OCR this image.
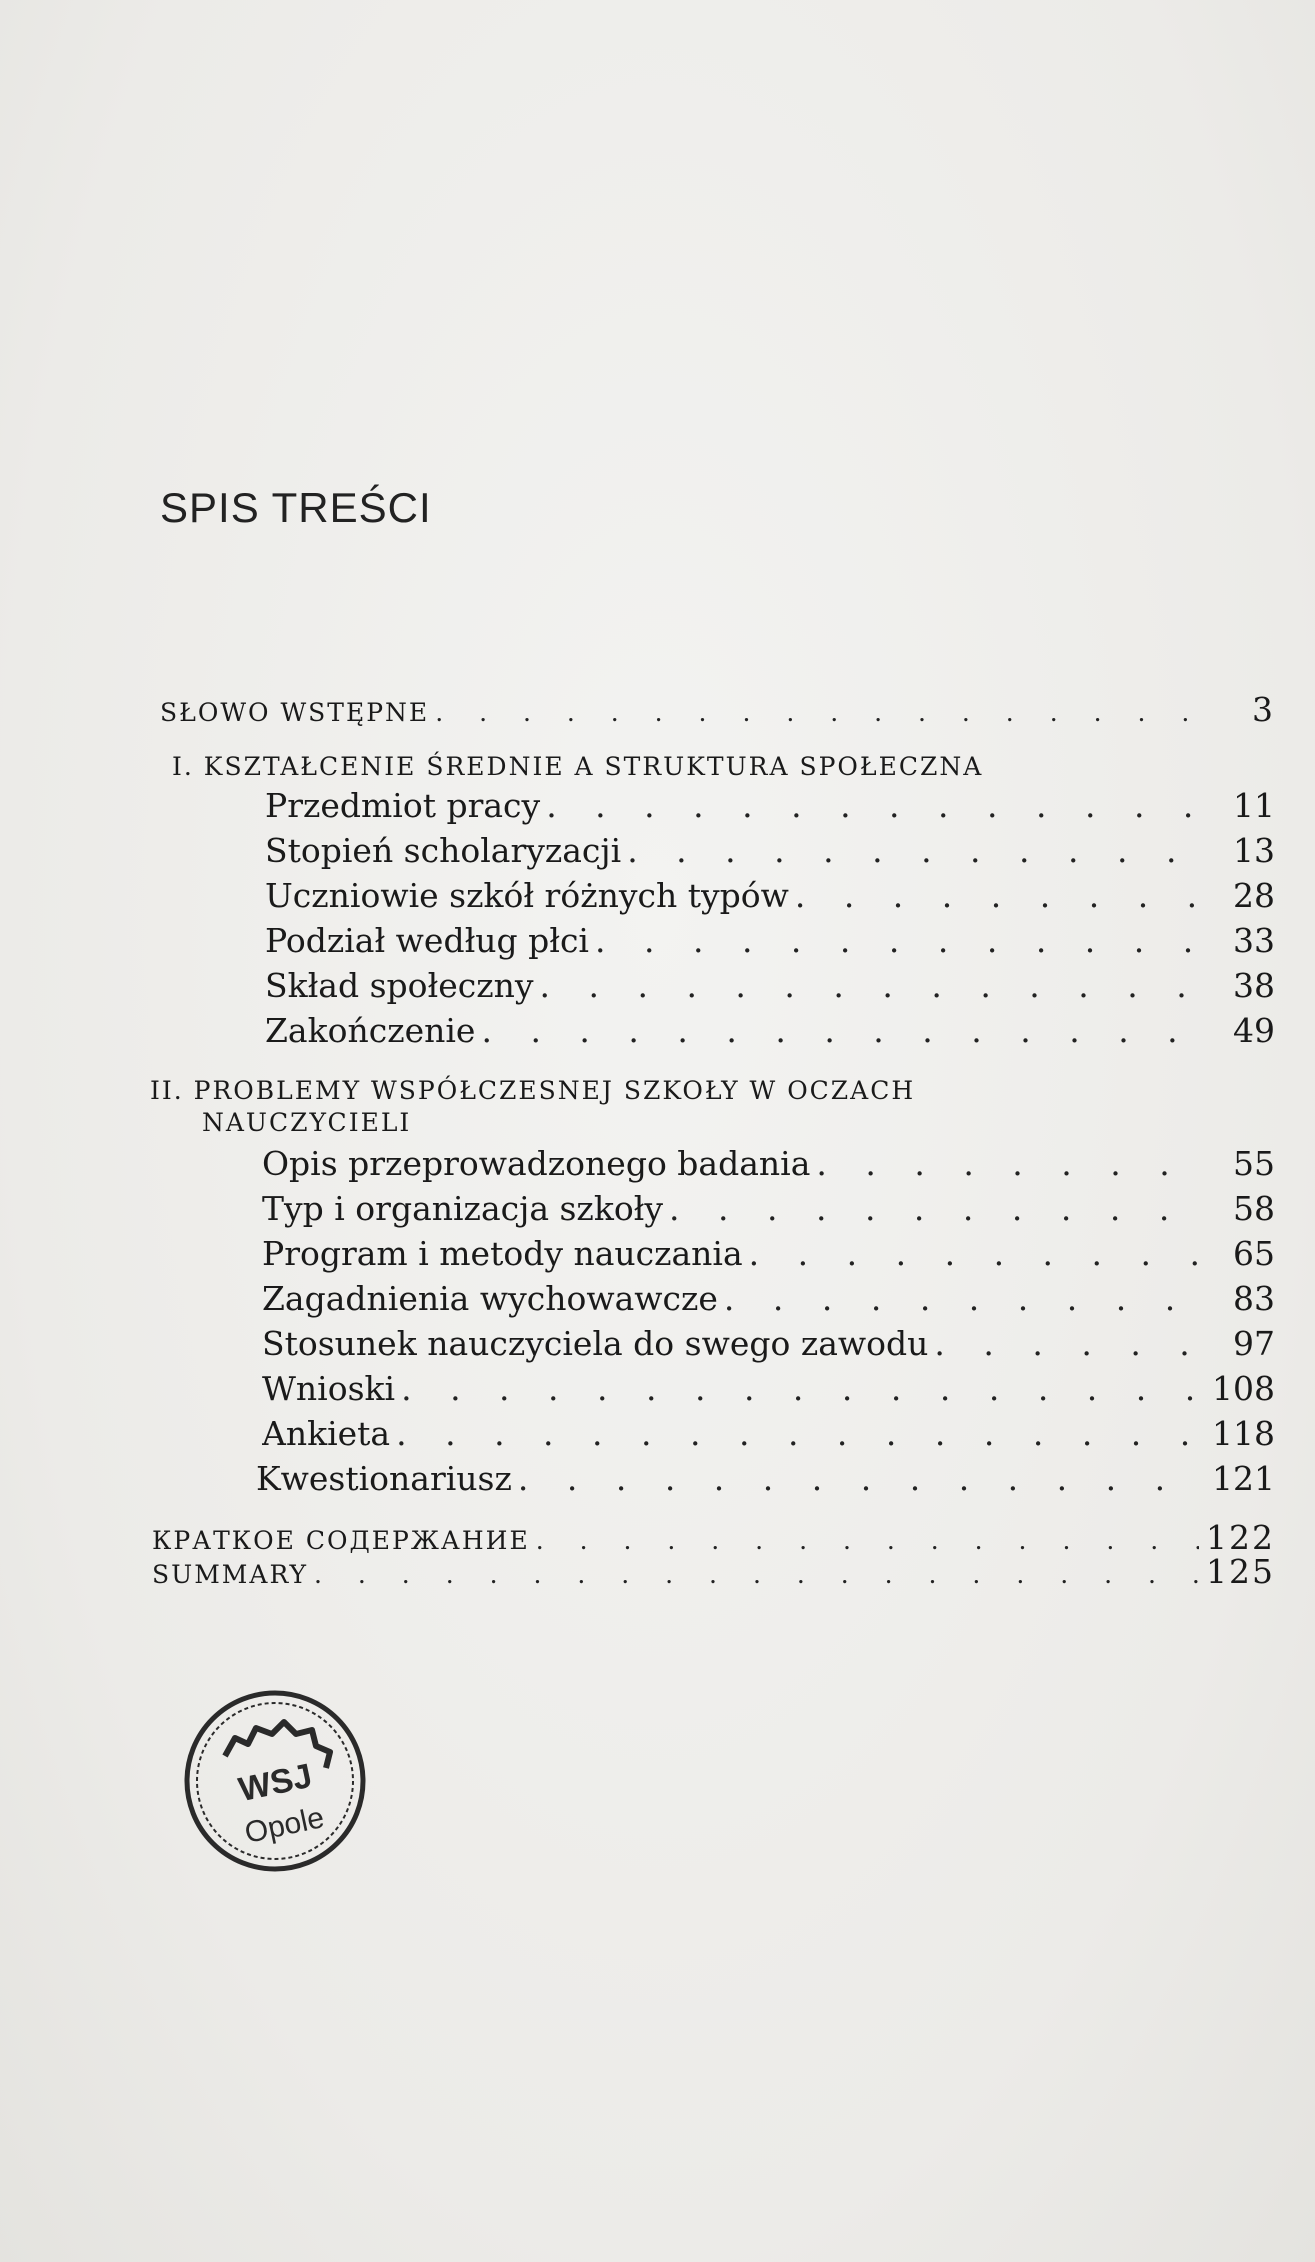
SPIS TREŚCI
SŁOWO WSTĘPNE . . .	3
I. KSZTAŁCENIE ŚREDNIE A STRUKTURA SPOŁECZNA
Przedmiot pracy . . .	11
Stopień scholaryzacji . . .	13
Uczniowie szkół różnych typów . . .	28
Podział według płci . . .	33
Skład społeczny . . .	38
Zakończenie . . .	49
II. PROBLEMY WSPÓŁCZESNEJ SZKOŁY W OCZACH
NAUCZYCIELI
Opis przeprowadzonego badania . . .	55
Typ i organizacja szkoły . . .	58
Program i metody nauczania . . .	65
Zagadnienia wychowawcze . . .	83
Stosunek nauczyciela do swego zawodu . . .	97
Wnioski . . .	108
Ankieta . . .	118
Kwestionariusz . . .	121
КРАТКОЕ СОДЕРЖАНИЕ . . .	122
SUMMARY . . .	125
WSJ
Opole
